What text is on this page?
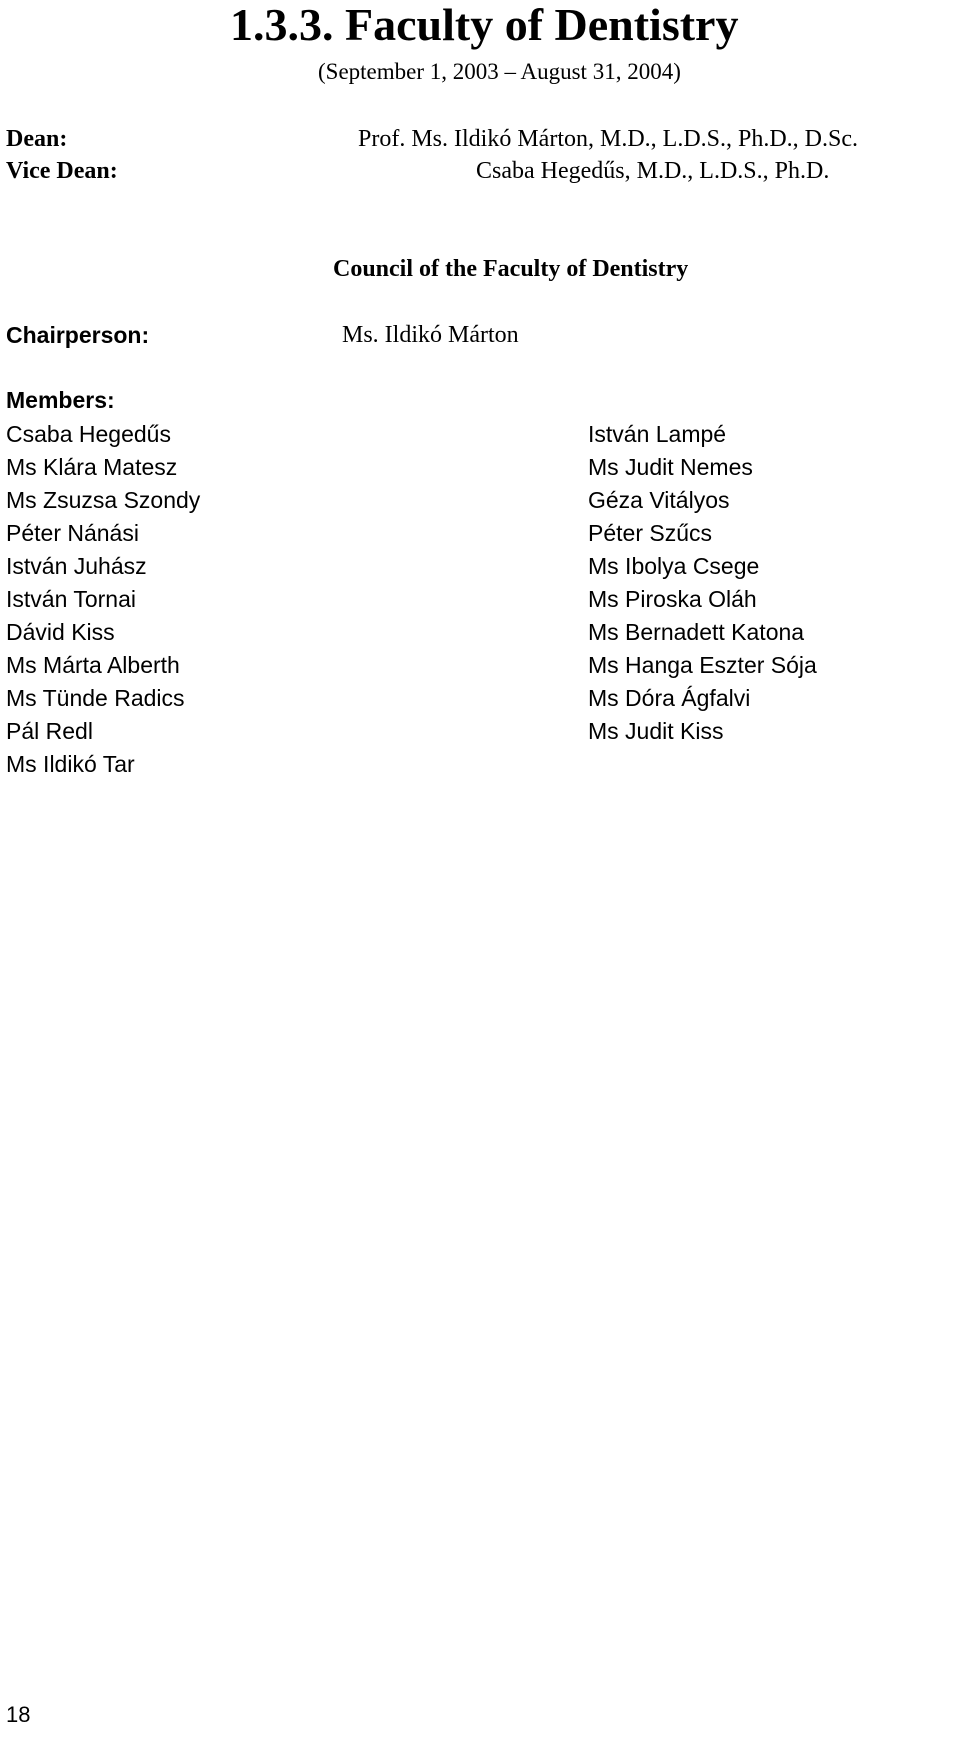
1.3.3. Faculty of Dentistry
(September 1, 2003 – August 31, 2004)
Dean:	Prof. Ms. Ildikó Márton, M.D., L.D.S., Ph.D., D.Sc.
Vice Dean:	Csaba Hegedűs, M.D., L.D.S., Ph.D.
Council of the Faculty of Dentistry
Chairperson:	Ms. Ildikó Márton
Members:
Csaba Hegedűs
Ms Klára Matesz
Ms Zsuzsa Szondy
Péter Nánási
István Juhász
István Tornai
Dávid Kiss
Ms Márta Alberth
Ms Tünde Radics
Pál Redl
Ms Ildikó Tar
István Lampé
Ms Judit Nemes
Géza Vitályos
Péter Szűcs
Ms Ibolya Csege
Ms Piroska Oláh
Ms Bernadett Katona
Ms Hanga Eszter Sója
Ms Dóra Ágfalvi
Ms Judit Kiss
18
